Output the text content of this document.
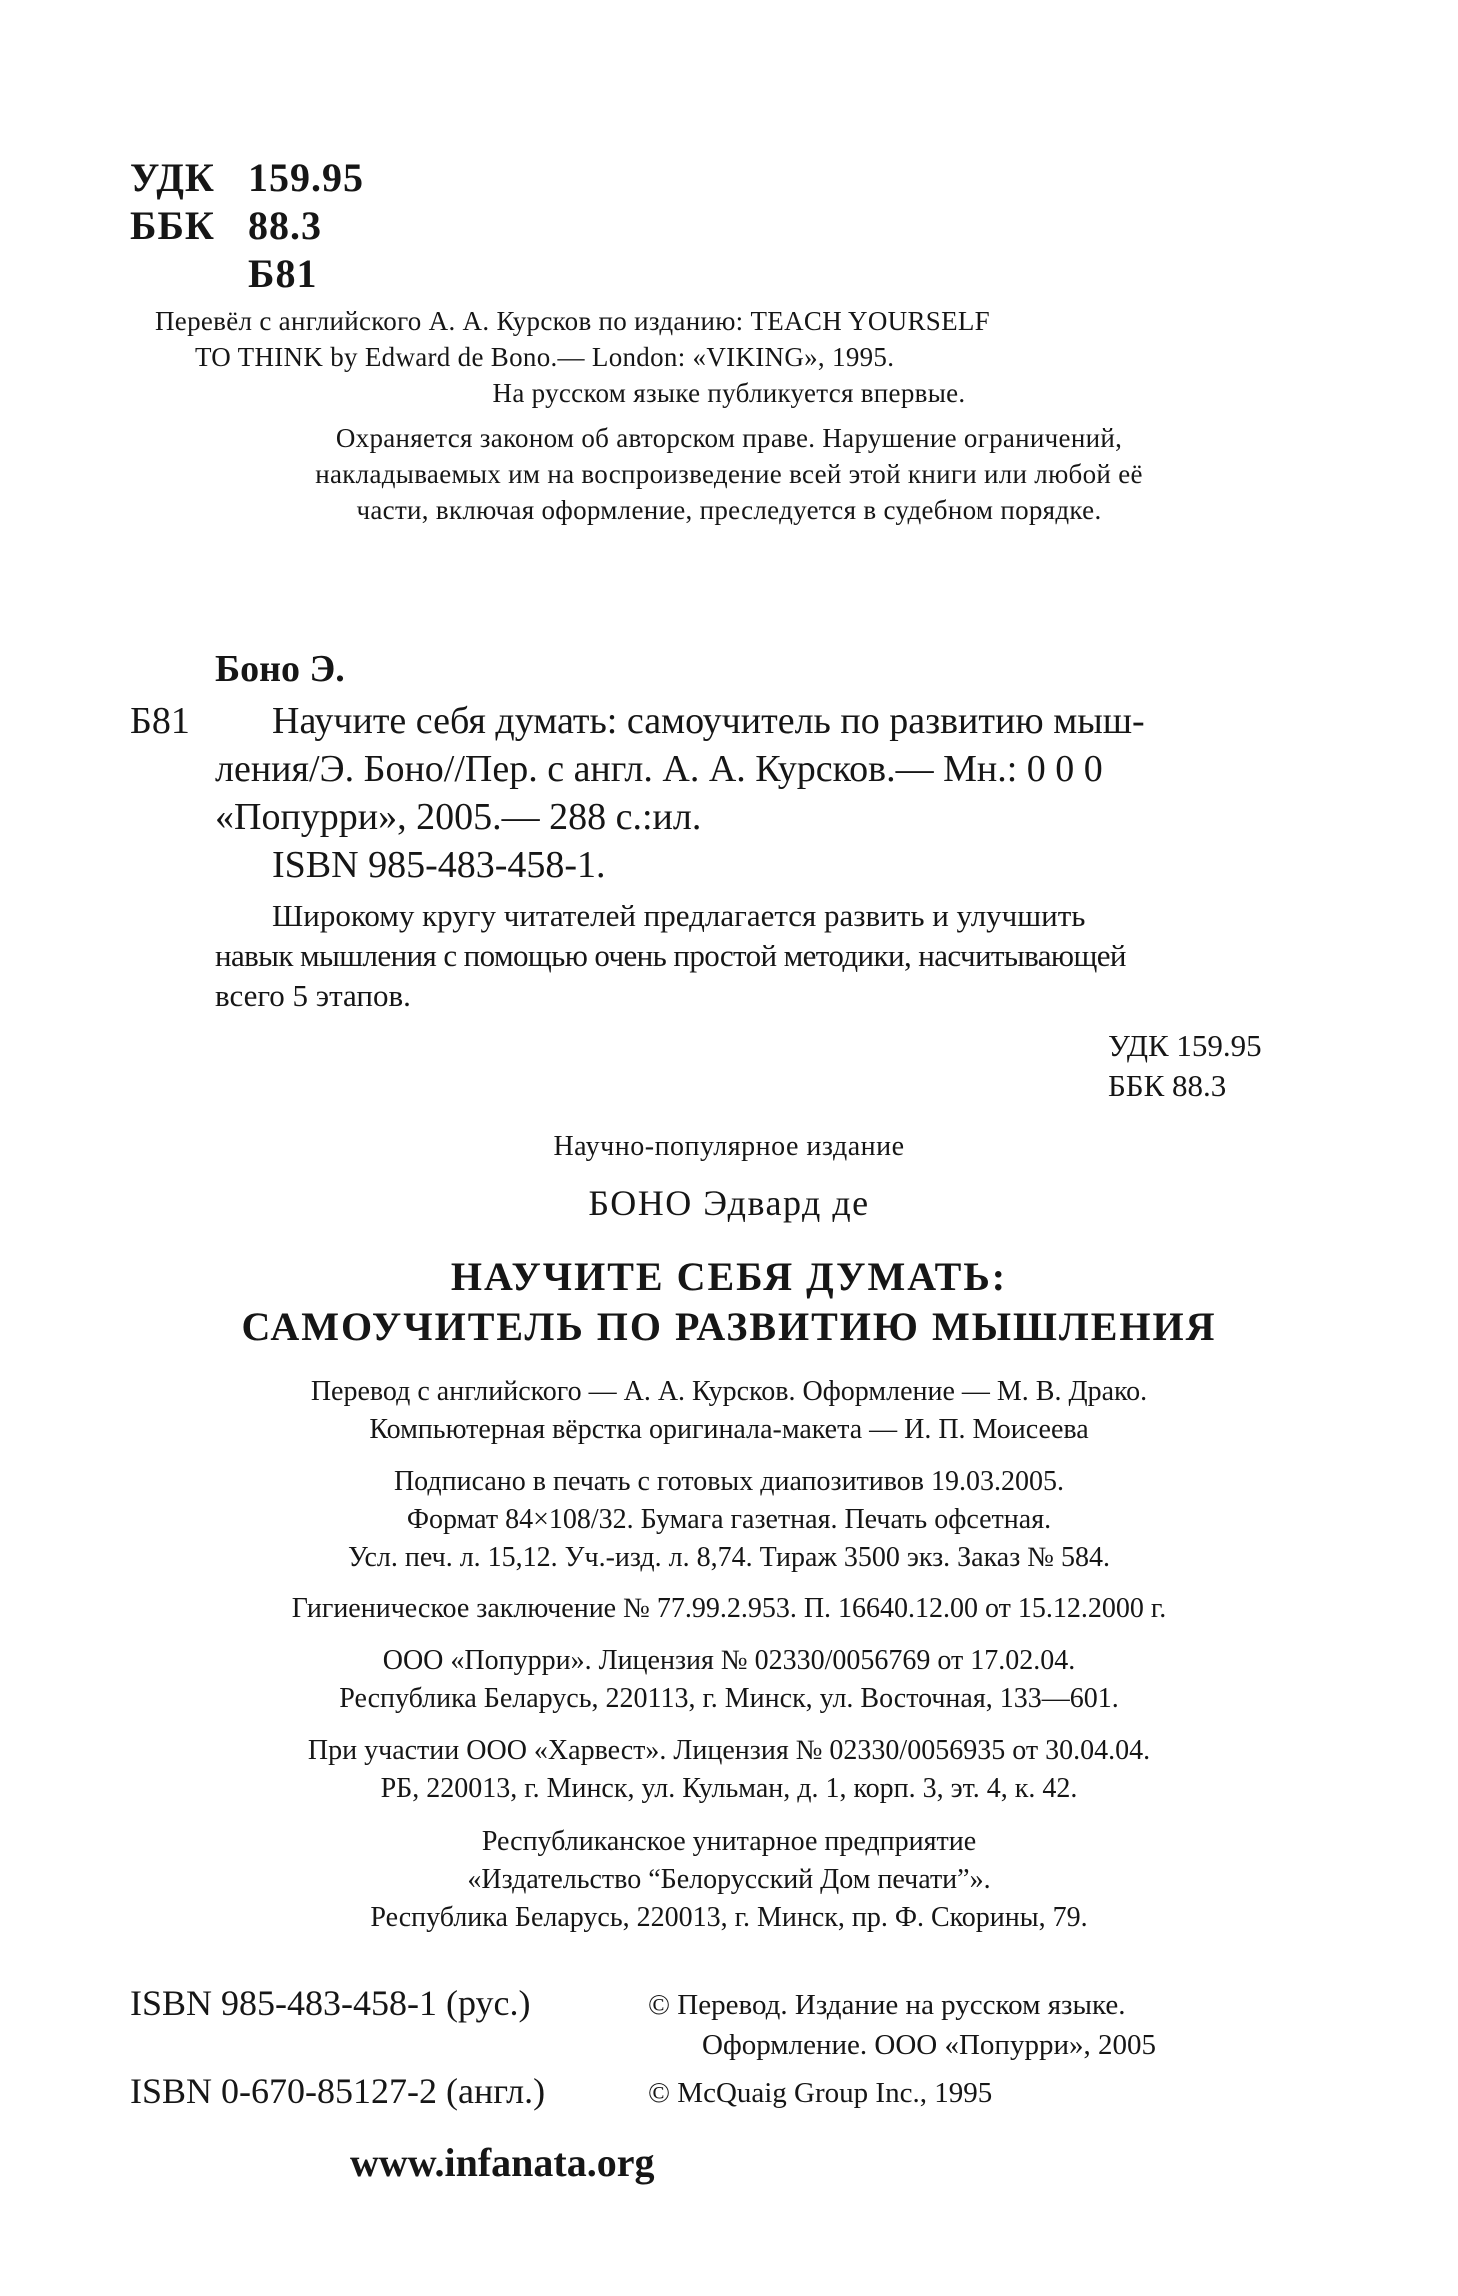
УДК 159.95
ББК 88.3
Б81
Перевёл с английского А. А. Курсков по изданию: TEACH YOURSELF
TO THINK by Edward de Bono.— London: «VIKING», 1995.
На русском языке публикуется впервые.
Охраняется законом об авторском праве. Нарушение ограничений,
накладываемых им на воспроизведение всей этой книги или любой её
части, включая оформление, преследуется в судебном порядке.
Боно Э.
Б81 Научите себя думать: самоучитель по развитию мыш-
ления/Э. Боно//Пер. с англ. А. А. Курсков.— Мн.: 0 0 0
«Попурри», 2005.— 288 с.:ил.
ISBN 985-483-458-1.
Широкому кругу читателей предлагается развить и улучшить
навык мышления с помощью очень простой методики, насчитывающей
всего 5 этапов.
УДК 159.95
ББК 88.3
Научно-популярное издание
БОНО Эдвард де
НАУЧИТЕ СЕБЯ ДУМАТЬ:
САМОУЧИТЕЛЬ ПО РАЗВИТИЮ МЫШЛЕНИЯ
Перевод с английского — А. А. Курсков. Оформление — М. В. Драко.
Компьютерная вёрстка оригинала-макета — И. П. Моисеева
Подписано в печать с готовых диапозитивов 19.03.2005.
Формат 84×108/32. Бумага газетная. Печать офсетная.
Усл. печ. л. 15,12. Уч.-изд. л. 8,74. Тираж 3500 экз. Заказ № 584.
Гигиеническое заключение № 77.99.2.953. П. 16640.12.00 от 15.12.2000 г.
ООО «Попурри». Лицензия № 02330/0056769 от 17.02.04.
Республика Беларусь, 220113, г. Минск, ул. Восточная, 133—601.
При участии ООО «Харвест». Лицензия № 02330/0056935 от 30.04.04.
РБ, 220013, г. Минск, ул. Кульман, д. 1, корп. 3, эт. 4, к. 42.
Республиканское унитарное предприятие
«Издательство “Белорусский Дом печати”».
Республика Беларусь, 220013, г. Минск, пр. Ф. Скорины, 79.
ISBN 985-483-458-1 (рус.)	© Перевод. Издание на русском языке.
Оформление. ООО «Попурри», 2005
ISBN 0-670-85127-2 (англ.)	© McQuaig Group Inc., 1995
www.infanata.org
